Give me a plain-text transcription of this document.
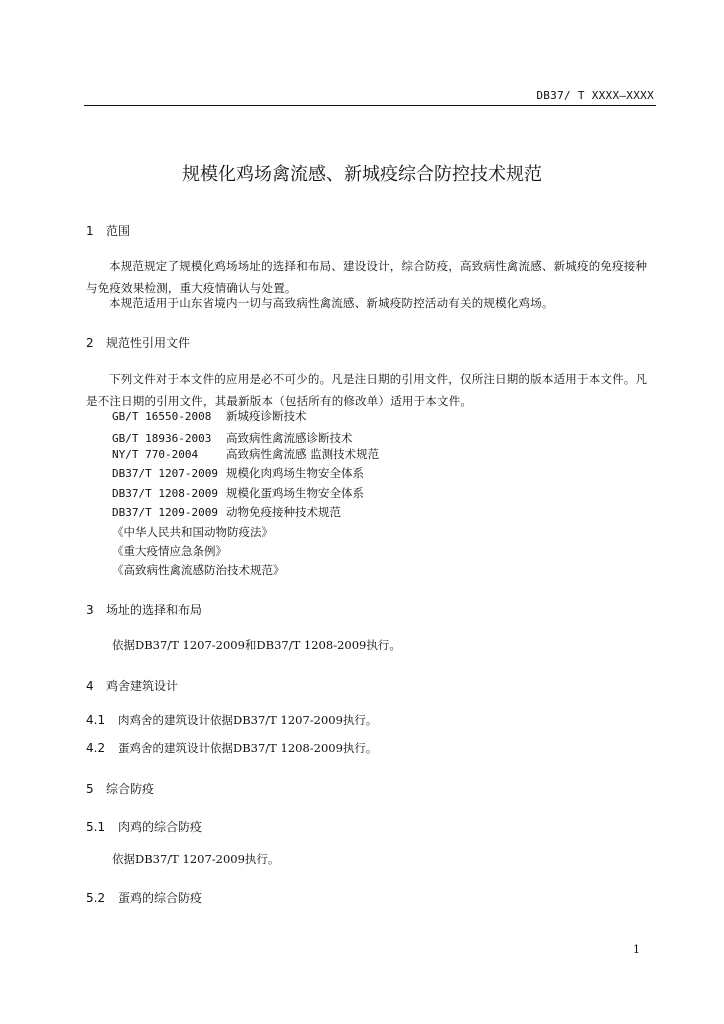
DB37/ T XXXX—XXXX
规模化鸡场禽流感、新城疫综合防控技术规范
1 范围

本规范规定了规模化鸡场场址的选择和布局、建设设计，综合防疫，高致病性禽流感、新城疫的免疫接种与免疫效果检测，重大疫情确认与处置。

本规范适用于山东省境内一切与高致病性禽流感、新城疫防控活动有关的规模化鸡场。

2 规范性引用文件

下列文件对于本文件的应用是必不可少的。凡是注日期的引用文件，仅所注日期的版本适用于本文件。凡是不注日期的引用文件，其最新版本（包括所有的修改单）适用于本文件。

GB/T 16550-2008 新城疫诊断技术
GB/T 18936-2003 高致病性禽流感诊断技术
NY/T 770-2004 高致病性禽流感 监测技术规范
DB37/T 1207-2009 规模化肉鸡场生物安全体系
DB37/T 1208-2009 规模化蛋鸡场生物安全体系
DB37/T 1209-2009 动物免疫接种技术规范
《中华人民共和国动物防疫法》
《重大疫情应急条例》
《高致病性禽流感防治技术规范》
3 场址的选择和布局
依据DB37/T 1207-2009和DB37/T 1208-2009执行。
4 鸡舍建筑设计
4.1 肉鸡舍的建筑设计依据DB37/T 1207-2009执行。
4.2 蛋鸡舍的建筑设计依据DB37/T 1208-2009执行。
5 综合防疫
5.1 肉鸡的综合防疫
依据DB37/T 1207-2009执行。
5.2 蛋鸡的综合防疫
1
